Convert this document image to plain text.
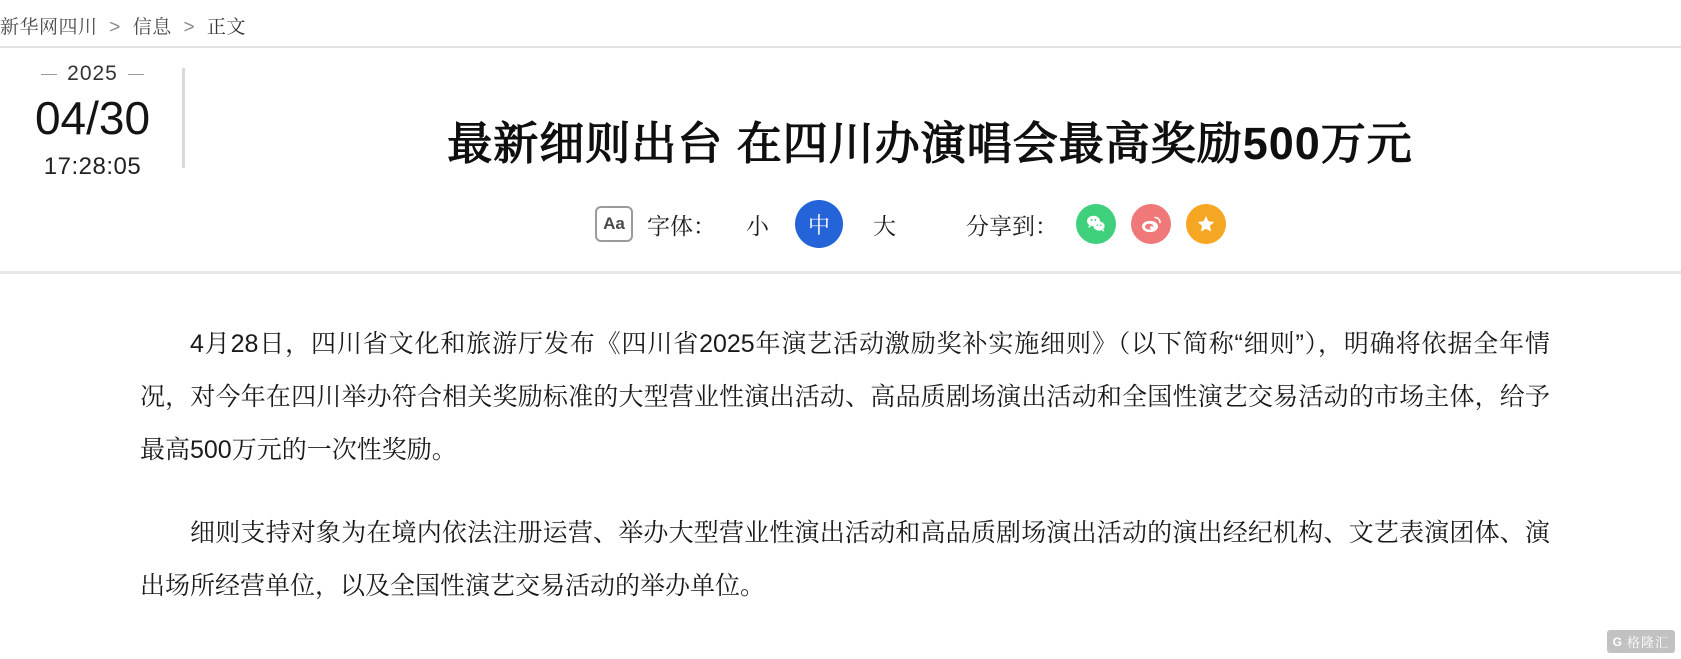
新华网四川 > 信息 > 正文
2025
04/30
17:28:05	最新细则出台 在四川办演唱会最高奖励500万元
Aa 字体： 小	中	大	分享到：

4月28日，四川省文化和旅游厅发布《四川省2025年演艺活动激励奖补实施细则》（以下简称“细则”），明确将依据全年情况，对今年在四川举办符合相关奖励标准的大型营业性演出活动、高品质剧场演出活动和全国性演艺交易活动的市场主体，给予最高500万元的一次性奖励。

细则支持对象为在境内依法注册运营、举办大型营业性演出活动和高品质剧场演出活动的演出经纪机构、文艺表演团体、演出场所经营单位，以及全国性演艺交易活动的举办单位。

G 格隆汇
